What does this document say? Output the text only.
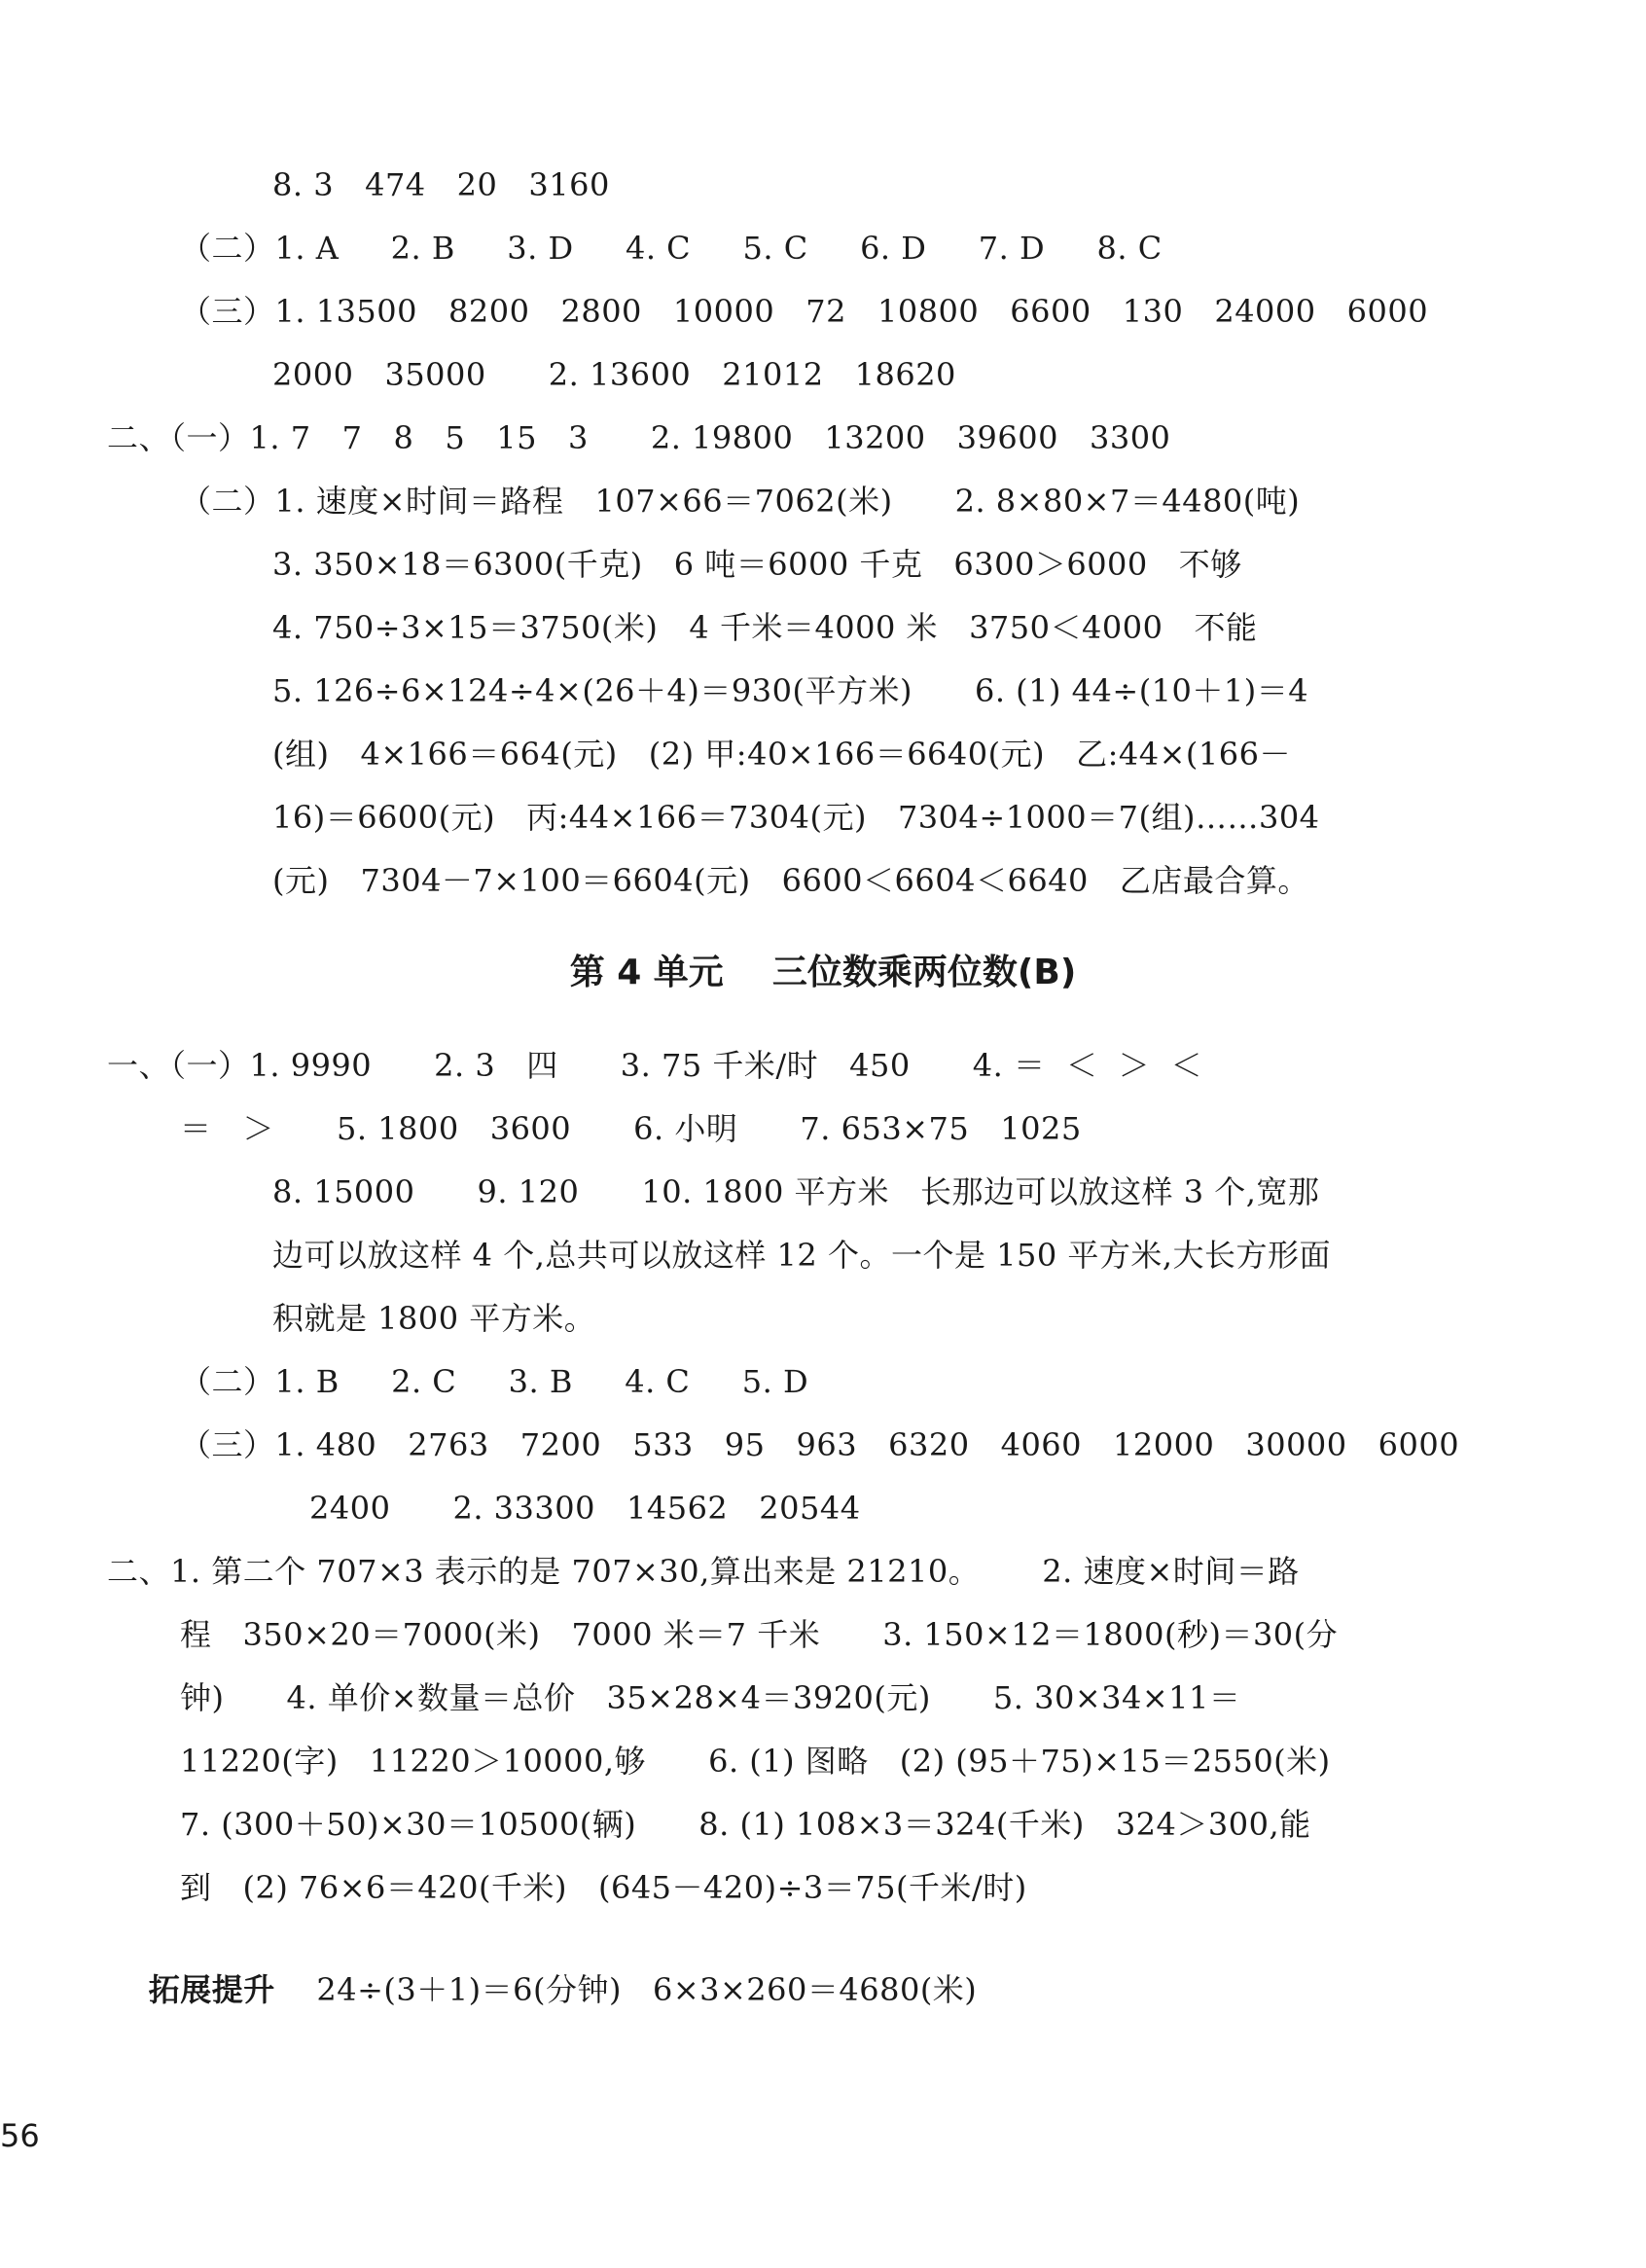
8. 3   474   20   3160
（二）1. A     2. B     3. D     4. C     5. C     6. D     7. D     8. C
（三）1. 13500   8200   2800   10000   72   10800   6600   130   24000   6000
2000   35000      2. 13600   21012   18620
二、（一）1. 7   7   8   5   15   3      2. 19800   13200   39600   3300
（二）1. 速度×时间＝路程   107×66＝7062(米)      2. 8×80×7＝4480(吨)
3. 350×18＝6300(千克)   6 吨＝6000 千克   6300＞6000   不够
4. 750÷3×15＝3750(米)   4 千米＝4000 米   3750＜4000   不能
5. 126÷6×124÷4×(26＋4)＝930(平方米)      6. (1) 44÷(10＋1)＝4
(组)   4×166＝664(元)   (2) 甲:40×166＝6640(元)   乙:44×(166－
16)＝6600(元)   丙:44×166＝7304(元)   7304÷1000＝7(组)……304
(元)   7304－7×100＝6604(元)   6600＜6604＜6640   乙店最合算。
第 4 单元    三位数乘两位数(B)
一、（一）1. 9990      2. 3   四      3. 75 千米/时   450      4. ＝  ＜  ＞  ＜
＝   ＞      5. 1800   3600      6. 小明      7. 653×75   1025
8. 15000      9. 120      10. 1800 平方米   长那边可以放这样 3 个,宽那
边可以放这样 4 个,总共可以放这样 12 个。一个是 150 平方米,大长方形面
积就是 1800 平方米。
（二）1. B     2. C     3. B     4. C     5. D
（三）1. 480   2763   7200   533   95   963   6320   4060   12000   30000   6000
2400      2. 33300   14562   20544
二、1. 第二个 707×3 表示的是 707×30,算出来是 21210。      2. 速度×时间＝路
程   350×20＝7000(米)   7000 米＝7 千米      3. 150×12＝1800(秒)＝30(分
钟)      4. 单价×数量＝总价   35×28×4＝3920(元)      5. 30×34×11＝
11220(字)   11220＞10000,够      6. (1) 图略   (2) (95＋75)×15＝2550(米)
7. (300＋50)×30＝10500(辆)      8. (1) 108×3＝324(千米)   324＞300,能
到   (2) 76×6＝420(千米)   (645－420)÷3＝75(千米/时)

拓展提升 24÷(3＋1)＝6(分钟)   6×3×260＝4680(米)

56
